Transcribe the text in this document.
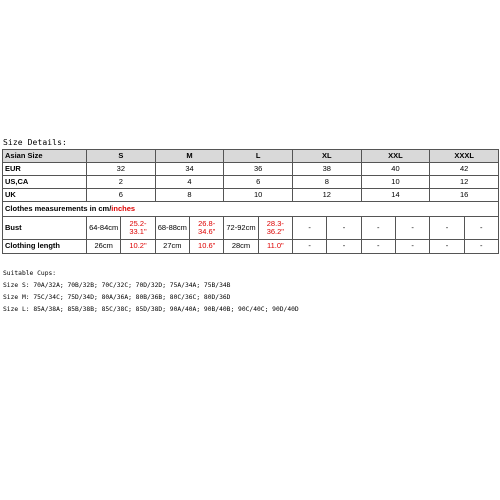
Size Details:
Asian Size	S		M		L		XL		XXL		XXXL	
EUR	32		34		36		38		40		42	
US,CA	2		4		6		8		10		12	
UK	6		8		10		12		14		16	
Clothes measurements in cm/inches												
Bust	64-84cm	25.2-33.1"	68-88cm	26.8-34.6"	72-92cm	28.3-36.2"	-	-	-	-	-	-
Clothing length	26cm	10.2"	27cm	10.6"	28cm	11.0"	-	-	-	-	-	-
Suitable Cups:
Size S: 70A/32A; 70B/32B; 70C/32C; 70D/32D; 75A/34A; 75B/34B
Size M: 75C/34C; 75D/34D; 80A/36A; 80B/36B; 80C/36C; 80D/36D
Size L: 85A/38A; 85B/38B; 85C/38C; 85D/38D; 90A/40A; 90B/40B; 90C/40C; 90D/40D
